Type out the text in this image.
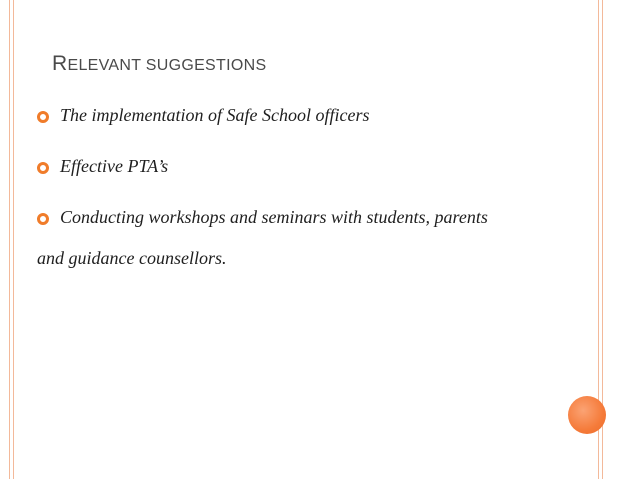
RELEVANT SUGGESTIONS
The implementation of Safe School officers
Effective PTA’s
Conducting workshops and seminars with students, parents
and guidance counsellors.
